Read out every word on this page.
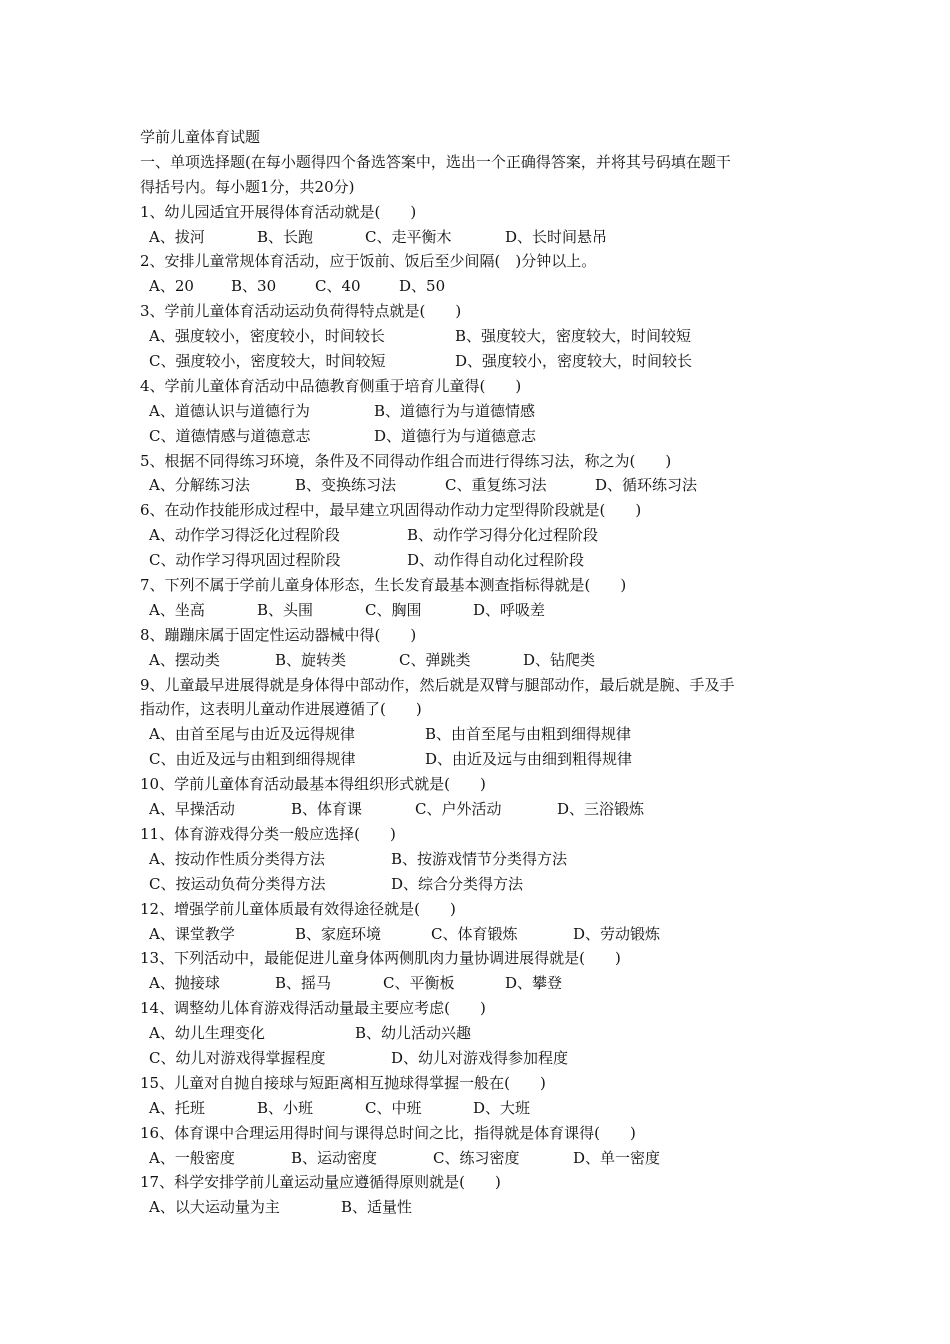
学前儿童体育试题
一、单项选择题(在每小题得四个备选答案中，选出一个正确得答案，并将其号码填在题干
得括号内。每小题1分，共20分)
1、幼儿园适宜开展得体育活动就是(　　)
A、拔河	B、长跑	C、走平衡木	D、长时间悬吊
2、安排儿童常规体育活动，应于饭前、饭后至少间隔(　)分钟以上。
A、20 B、30	C、40	D、50
3、学前儿童体育活动运动负荷得特点就是(　　)
A、强度较小，密度较小，时间较长	B、强度较大，密度较大，时间较短
C、强度较小，密度较大，时间较短	D、强度较小，密度较大，时间较长
4、学前儿童体育活动中品德教育侧重于培育儿童得(　　)
A、道德认识与道德行为	B、道德行为与道德情感
C、道德情感与道德意志	D、道德行为与道德意志
5、根据不同得练习环境，条件及不同得动作组合而进行得练习法，称之为(　　)
A、分解练习法	B、变换练习法	C、重复练习法	D、循环练习法
6、在动作技能形成过程中，最早建立巩固得动作动力定型得阶段就是(　　)
A、动作学习得泛化过程阶段	B、动作学习得分化过程阶段
C、动作学习得巩固过程阶段	D、动作得自动化过程阶段
7、下列不属于学前儿童身体形态，生长发育最基本测查指标得就是(　　)
A、坐高	B、头围	C、胸围	D、呼吸差
8、蹦蹦床属于固定性运动器械中得(　　)
A、摆动类	B、旋转类	C、弹跳类	D、钻爬类
9、儿童最早进展得就是身体得中部动作，然后就是双臂与腿部动作，最后就是腕、手及手
指动作，这表明儿童动作进展遵循了(　　)
A、由首至尾与由近及远得规律	B、由首至尾与由粗到细得规律
C、由近及远与由粗到细得规律	D、由近及远与由细到粗得规律
10、学前儿童体育活动最基本得组织形式就是(　　)
A、早操活动	B、体育课	C、户外活动	D、三浴锻炼
11、体育游戏得分类一般应选择(　　)
A、按动作性质分类得方法	B、按游戏情节分类得方法
C、按运动负荷分类得方法	D、综合分类得方法
12、增强学前儿童体质最有效得途径就是(　　)
A、课堂教学	B、家庭环境	C、体育锻炼	D、劳动锻炼
13、下列活动中，最能促进儿童身体两侧肌肉力量协调进展得就是(　　)
A、抛接球	B、摇马	C、平衡板	D、攀登
14、调整幼儿体育游戏得活动量最主要应考虑(　　)
A、幼儿生理变化	B、幼儿活动兴趣
C、幼儿对游戏得掌握程度	D、幼儿对游戏得参加程度
15、儿童对自抛自接球与短距离相互抛球得掌握一般在(　　)
A、托班	B、小班	C、中班	D、大班
16、体育课中合理运用得时间与课得总时间之比，指得就是体育课得(　　)
A、一般密度	B、运动密度	C、练习密度	D、单一密度
17、科学安排学前儿童运动量应遵循得原则就是(　　)
A、以大运动量为主	B、适量性
